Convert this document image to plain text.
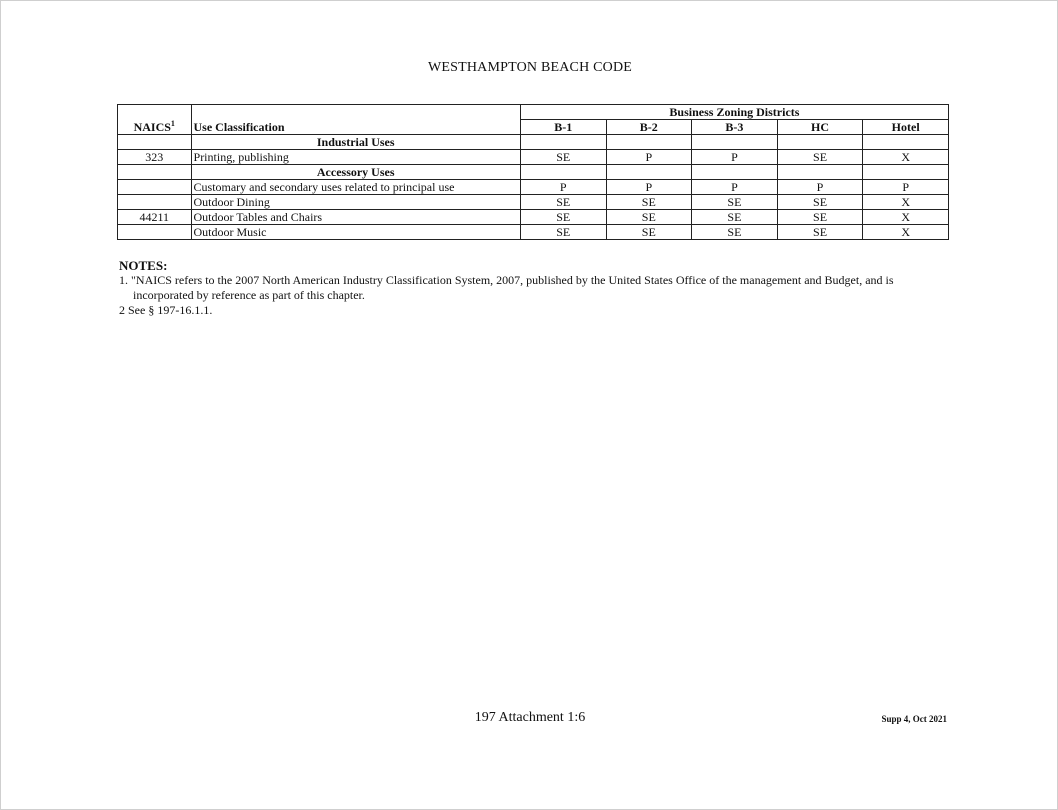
WESTHAMPTON BEACH CODE
NAICS$^1$	Use Classification	Business Zoning Districts				
		B-1	B-2	B-3	HC	Hotel
	Industrial Uses					
323	Printing, publishing	SE	P	P	SE	X
	Accessory Uses					
	Customary and secondary uses related to principal use	P	P	P	P	P
	Outdoor Dining	SE	SE	SE	SE	X
44211	Outdoor Tables and Chairs	SE	SE	SE	SE	X
	Outdoor Music	SE	SE	SE	SE	X
NOTES:

1. "NAICS refers to the 2007 North American Industry Classification System, 2007, published by the United States Office of the management and Budget, and is

incorporated by reference as part of this chapter.

2 See § 197-16.1.1.

197 Attachment 1:6	Supp 4, Oct 2021
